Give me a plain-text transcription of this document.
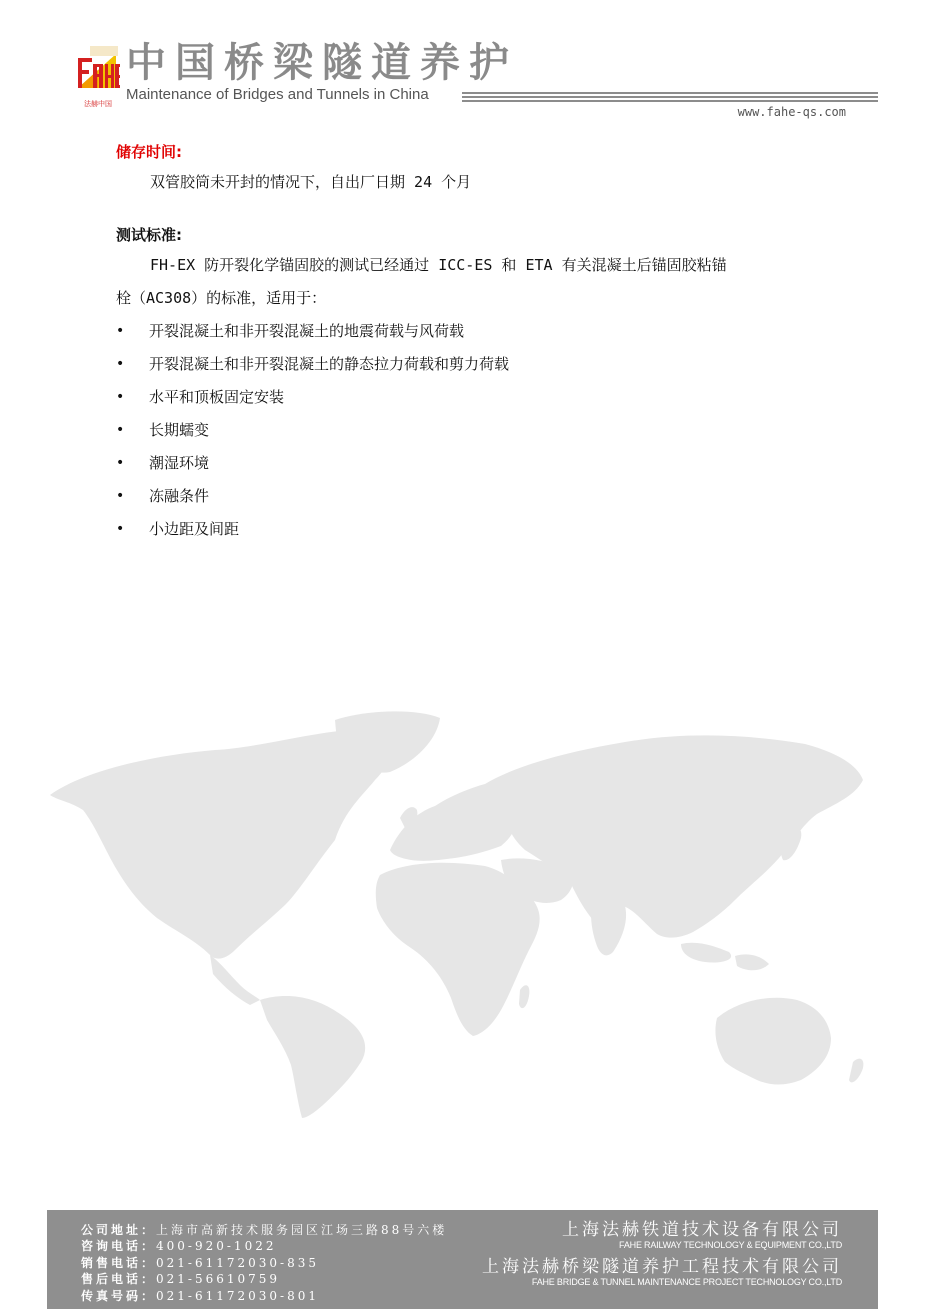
法赫中国
中国桥梁隧道养护
Maintenance of Bridges and Tunnels in China
www.fahe-qs.com

储存时间:

双管胶筒未开封的情况下，自出厂日期 24 个月

测试标准:

FH-EX 防开裂化学锚固胶的测试已经通过 ICC-ES 和 ETA 有关混凝土后锚固胶粘锚

栓（AC308）的标准，适用于：

• 开裂混凝土和非开裂混凝土的地震荷载与风荷载
• 开裂混凝土和非开裂混凝土的静态拉力荷载和剪力荷载
• 水平和顶板固定安装
• 长期蠕变
• 潮湿环境
• 冻融条件
• 小边距及间距
公司地址：上海市高新技术服务园区江场三路88号六楼
咨询电话：400-920-1022
销售电话：021-61172030-835
售后电话：021-56610759
传真号码：021-61172030-801
上海法赫铁道技术设备有限公司
FAHE RAILWAY TECHNOLOGY & EQUIPMENT CO.,LTD
上海法赫桥梁隧道养护工程技术有限公司
FAHE BRIDGE & TUNNEL MAINTENANCE PROJECT TECHNOLOGY CO.,LTD
